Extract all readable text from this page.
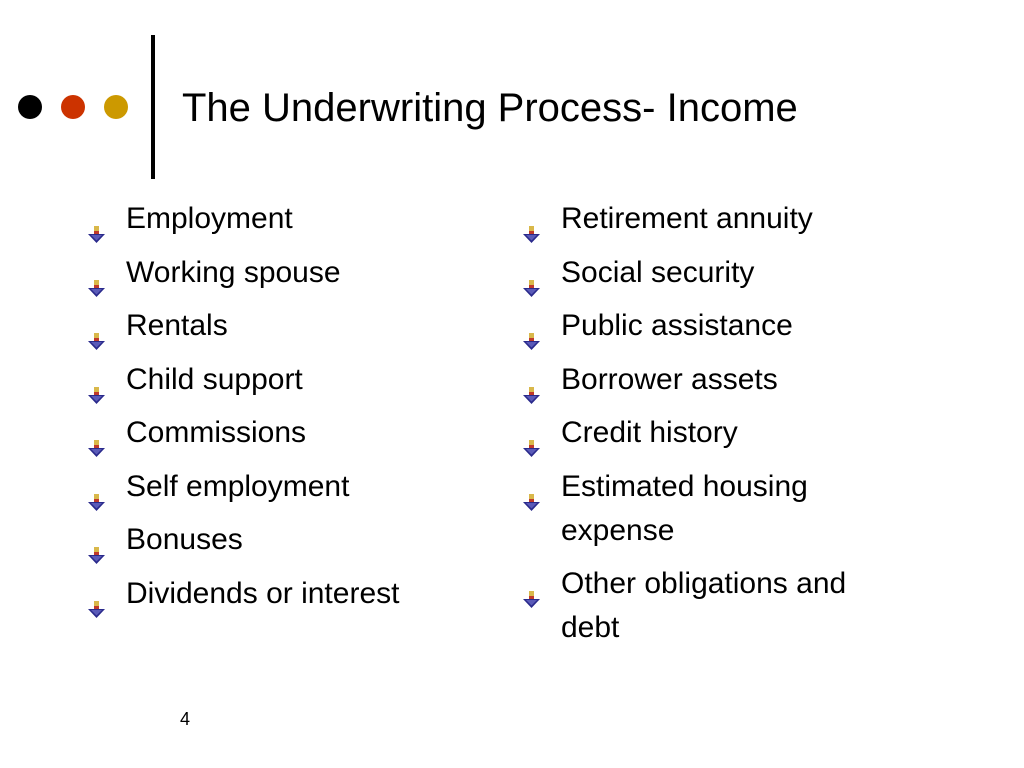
The Underwriting Process- Income
Employment
Working spouse
Rentals
Child support
Commissions
Self employment
Bonuses
Dividends or interest
Retirement annuity
Social security
Public assistance
Borrower assets
Credit history
Estimated housing expense
Other obligations and debt
4
